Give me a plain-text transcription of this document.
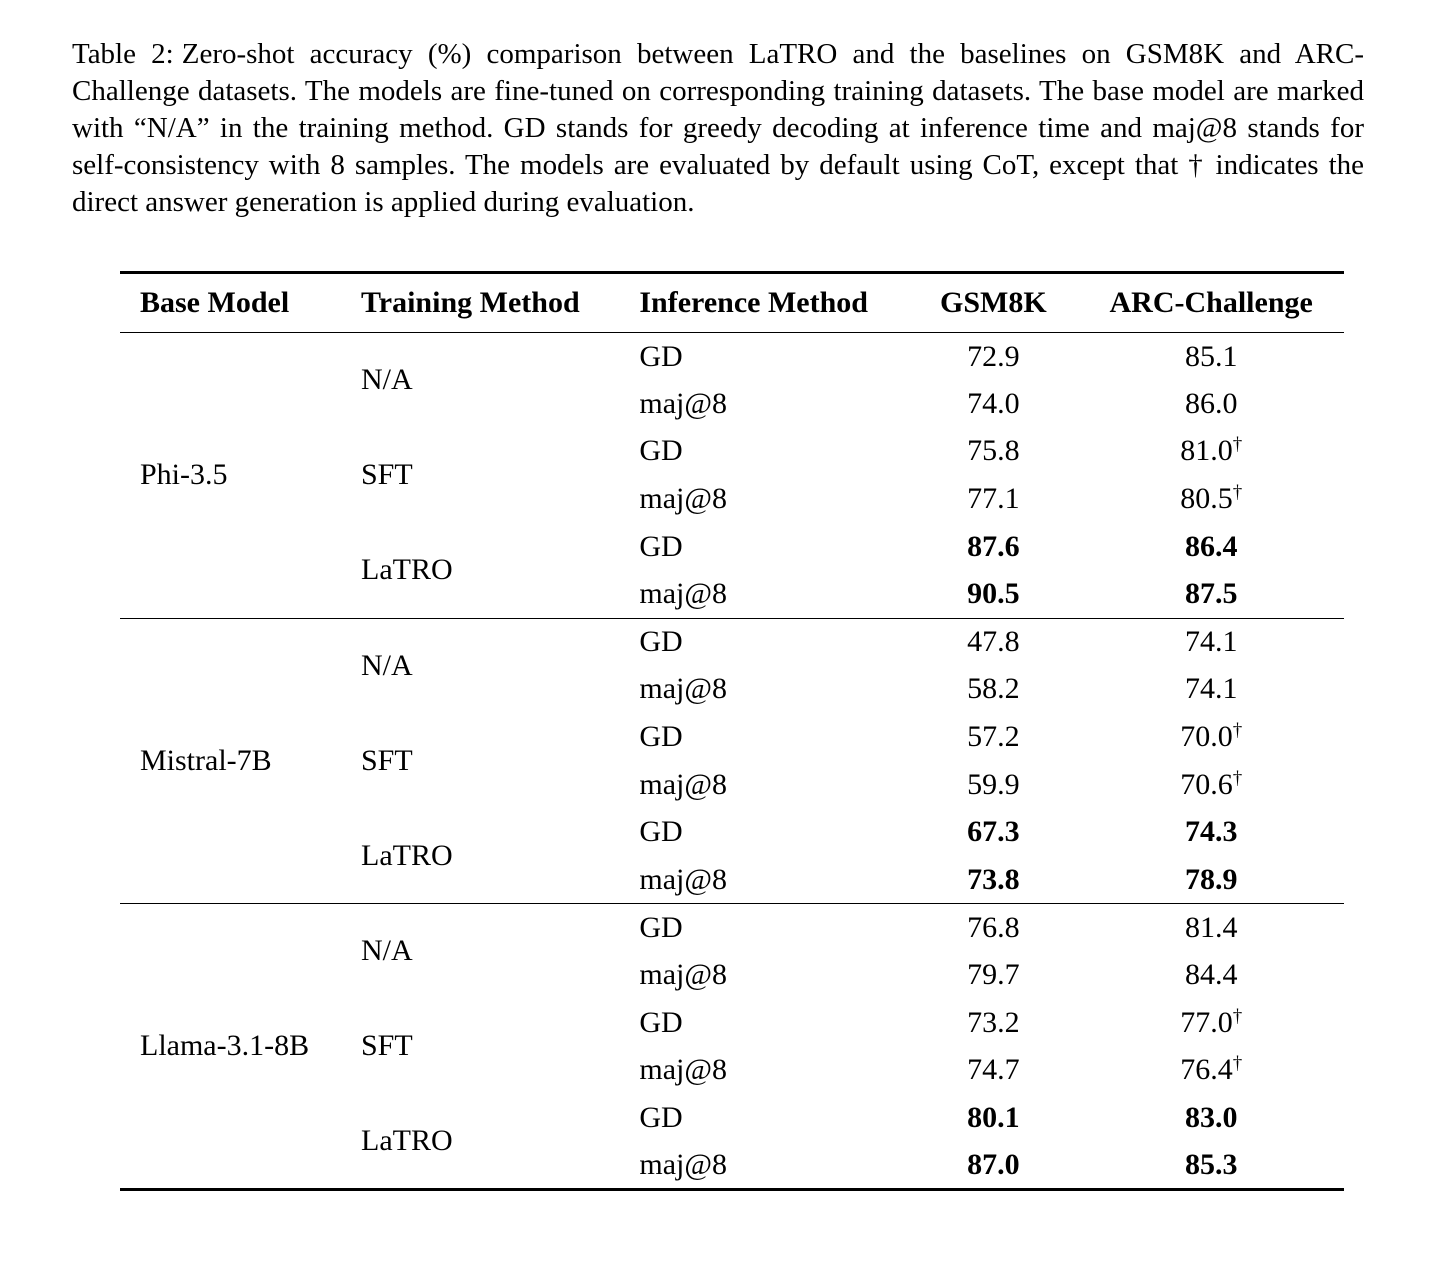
Table 2: Zero-shot accuracy (%) comparison between LaTRO and the baselines on GSM8K and ARC-Challenge datasets. The models are fine-tuned on corresponding training datasets. The base model are marked with “N/A” in the training method. GD stands for greedy decoding at inference time and maj@8 stands for self-consistency with 8 samples. The models are evaluated by default using CoT, except that † indicates the direct answer generation is applied during evaluation.
Base Model	Training Method	Inference Method	GSM8K	ARC-Challenge
Phi-3.5	N/A	GD	72.9	85.1
		maj@8	74.0	86.0
	SFT	GD	75.8	81.0†
		maj@8	77.1	80.5†
	LaTRO	GD	87.6	86.4
		maj@8	90.5	87.5
Mistral-7B	N/A	GD	47.8	74.1
		maj@8	58.2	74.1
	SFT	GD	57.2	70.0†
		maj@8	59.9	70.6†
	LaTRO	GD	67.3	74.3
		maj@8	73.8	78.9
Llama-3.1-8B	N/A	GD	76.8	81.4
		maj@8	79.7	84.4
	SFT	GD	73.2	77.0†
		maj@8	74.7	76.4†
	LaTRO	GD	80.1	83.0
		maj@8	87.0	85.3
